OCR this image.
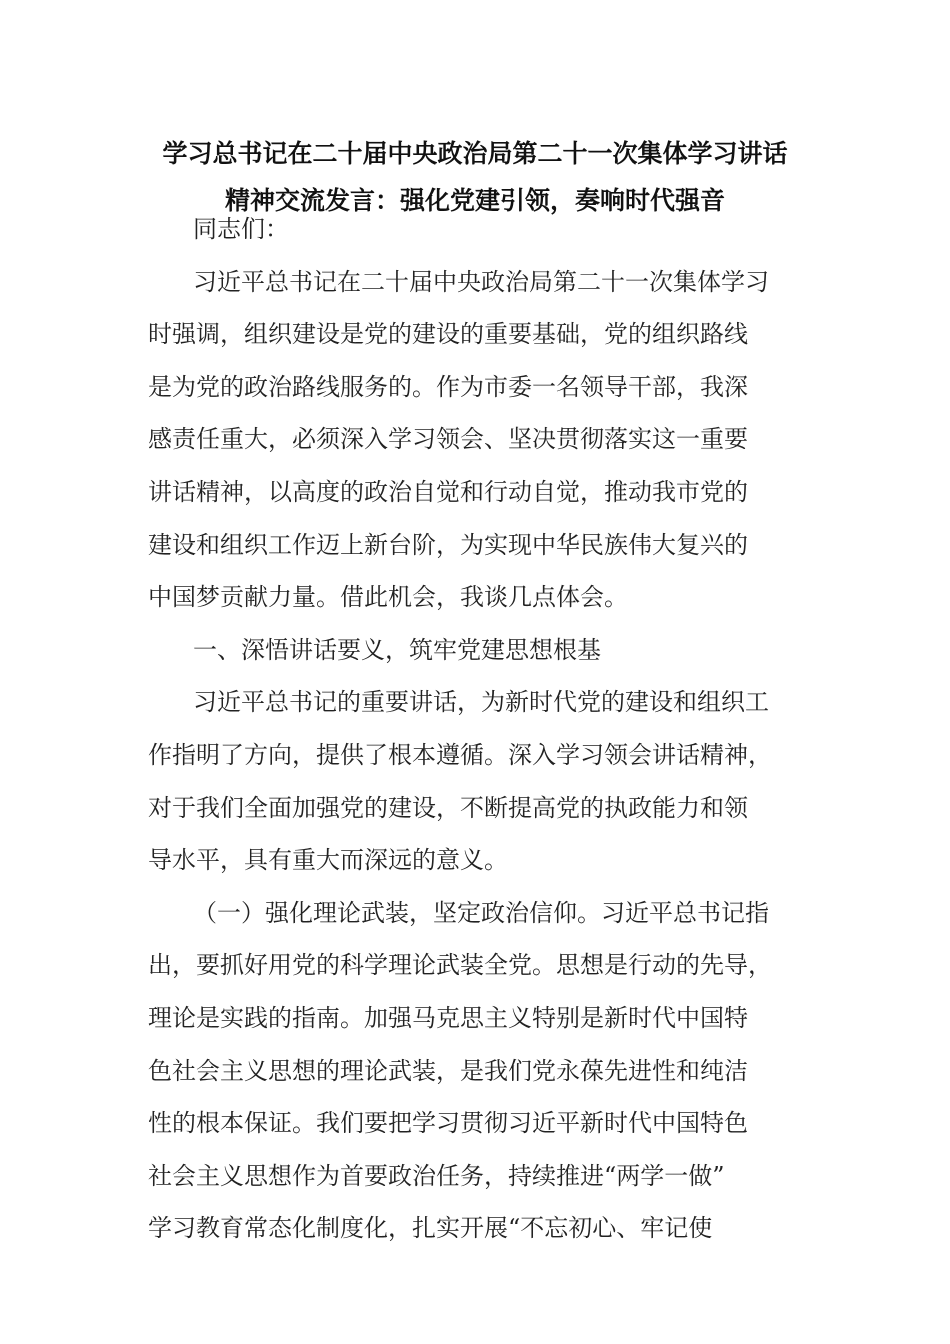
学习总书记在二十届中央政治局第二十一次集体学习讲话
精神交流发言：强化党建引领，奏响时代强音
同志们：
习近平总书记在二十届中央政治局第二十一次集体学习
时强调，组织建设是党的建设的重要基础，党的组织路线
是为党的政治路线服务的。作为市委一名领导干部，我深
感责任重大，必须深入学习领会、坚决贯彻落实这一重要
讲话精神，以高度的政治自觉和行动自觉，推动我市党的
建设和组织工作迈上新台阶，为实现中华民族伟大复兴的
中国梦贡献力量。借此机会，我谈几点体会。
一、深悟讲话要义，筑牢党建思想根基
习近平总书记的重要讲话，为新时代党的建设和组织工
作指明了方向，提供了根本遵循。深入学习领会讲话精神，
对于我们全面加强党的建设，不断提高党的执政能力和领
导水平，具有重大而深远的意义。
（一）强化理论武装，坚定政治信仰。习近平总书记指
出，要抓好用党的科学理论武装全党。思想是行动的先导，
理论是实践的指南。加强马克思主义特别是新时代中国特
色社会主义思想的理论武装，是我们党永葆先进性和纯洁
性的根本保证。我们要把学习贯彻习近平新时代中国特色
社会主义思想作为首要政治任务，持续推进“两学一做”
学习教育常态化制度化，扎实开展“不忘初心、牢记使
